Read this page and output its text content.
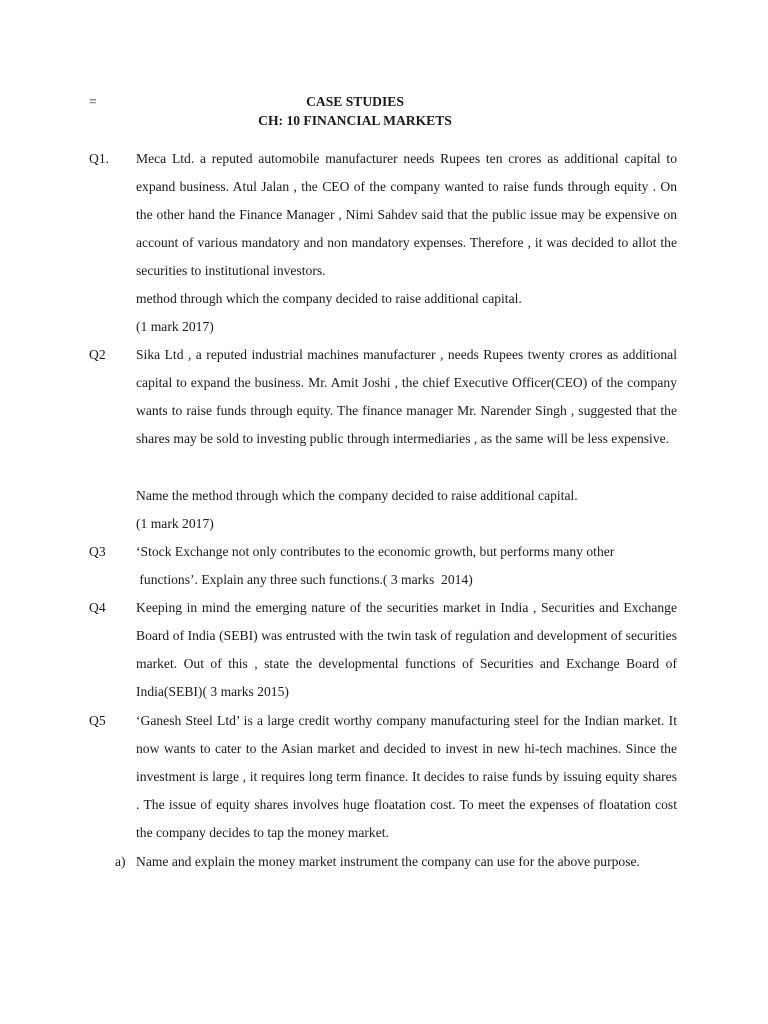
=	CASE STUDIES
CH: 10 FINANCIAL MARKETS
Q1. Meca Ltd. a reputed automobile manufacturer needs Rupees ten crores as additional capital to expand business. Atul Jalan , the CEO of the company wanted to raise funds through equity . On the other hand the Finance Manager , Nimi Sahdev said that the public issue may be expensive on account of various mandatory and non mandatory expenses. Therefore , it was decided to allot the securities to institutional investors.

method through which the company decided to raise additional capital.
(1 mark 2017)
Q2 Sika Ltd , a reputed industrial machines manufacturer , needs Rupees twenty crores as additional capital to expand the business. Mr. Amit Joshi , the chief Executive Officer(CEO) of the company wants to raise funds through equity. The finance manager Mr. Narender Singh , suggested that the shares may be sold to investing public through intermediaries , as the same will be less expensive.

Name the method through which the company decided to raise additional capital.
(1 mark 2017)
Q3 ‘Stock Exchange not only contributes to the economic growth, but performs many other
functions’. Explain any three such functions.( 3 marks  2014)
Q4 Keeping in mind the emerging nature of the securities market in India , Securities and Exchange Board of India (SEBI) was entrusted with the twin task of regulation and development of securities market. Out of this , state the developmental functions of Securities and Exchange Board of India(SEBI)( 3 marks 2015)

Q5 ‘Ganesh Steel Ltd’ is a large credit worthy company manufacturing steel for the Indian market. It now wants to cater to the Asian market and decided to invest in new hi-tech machines. Since the investment is large , it requires long term finance. It decides to raise funds by issuing equity shares . The issue of equity shares involves huge floatation cost. To meet the expenses of floatation cost the company decides to tap the money market.

a) Name and explain the money market instrument the company can use for the above purpose.
